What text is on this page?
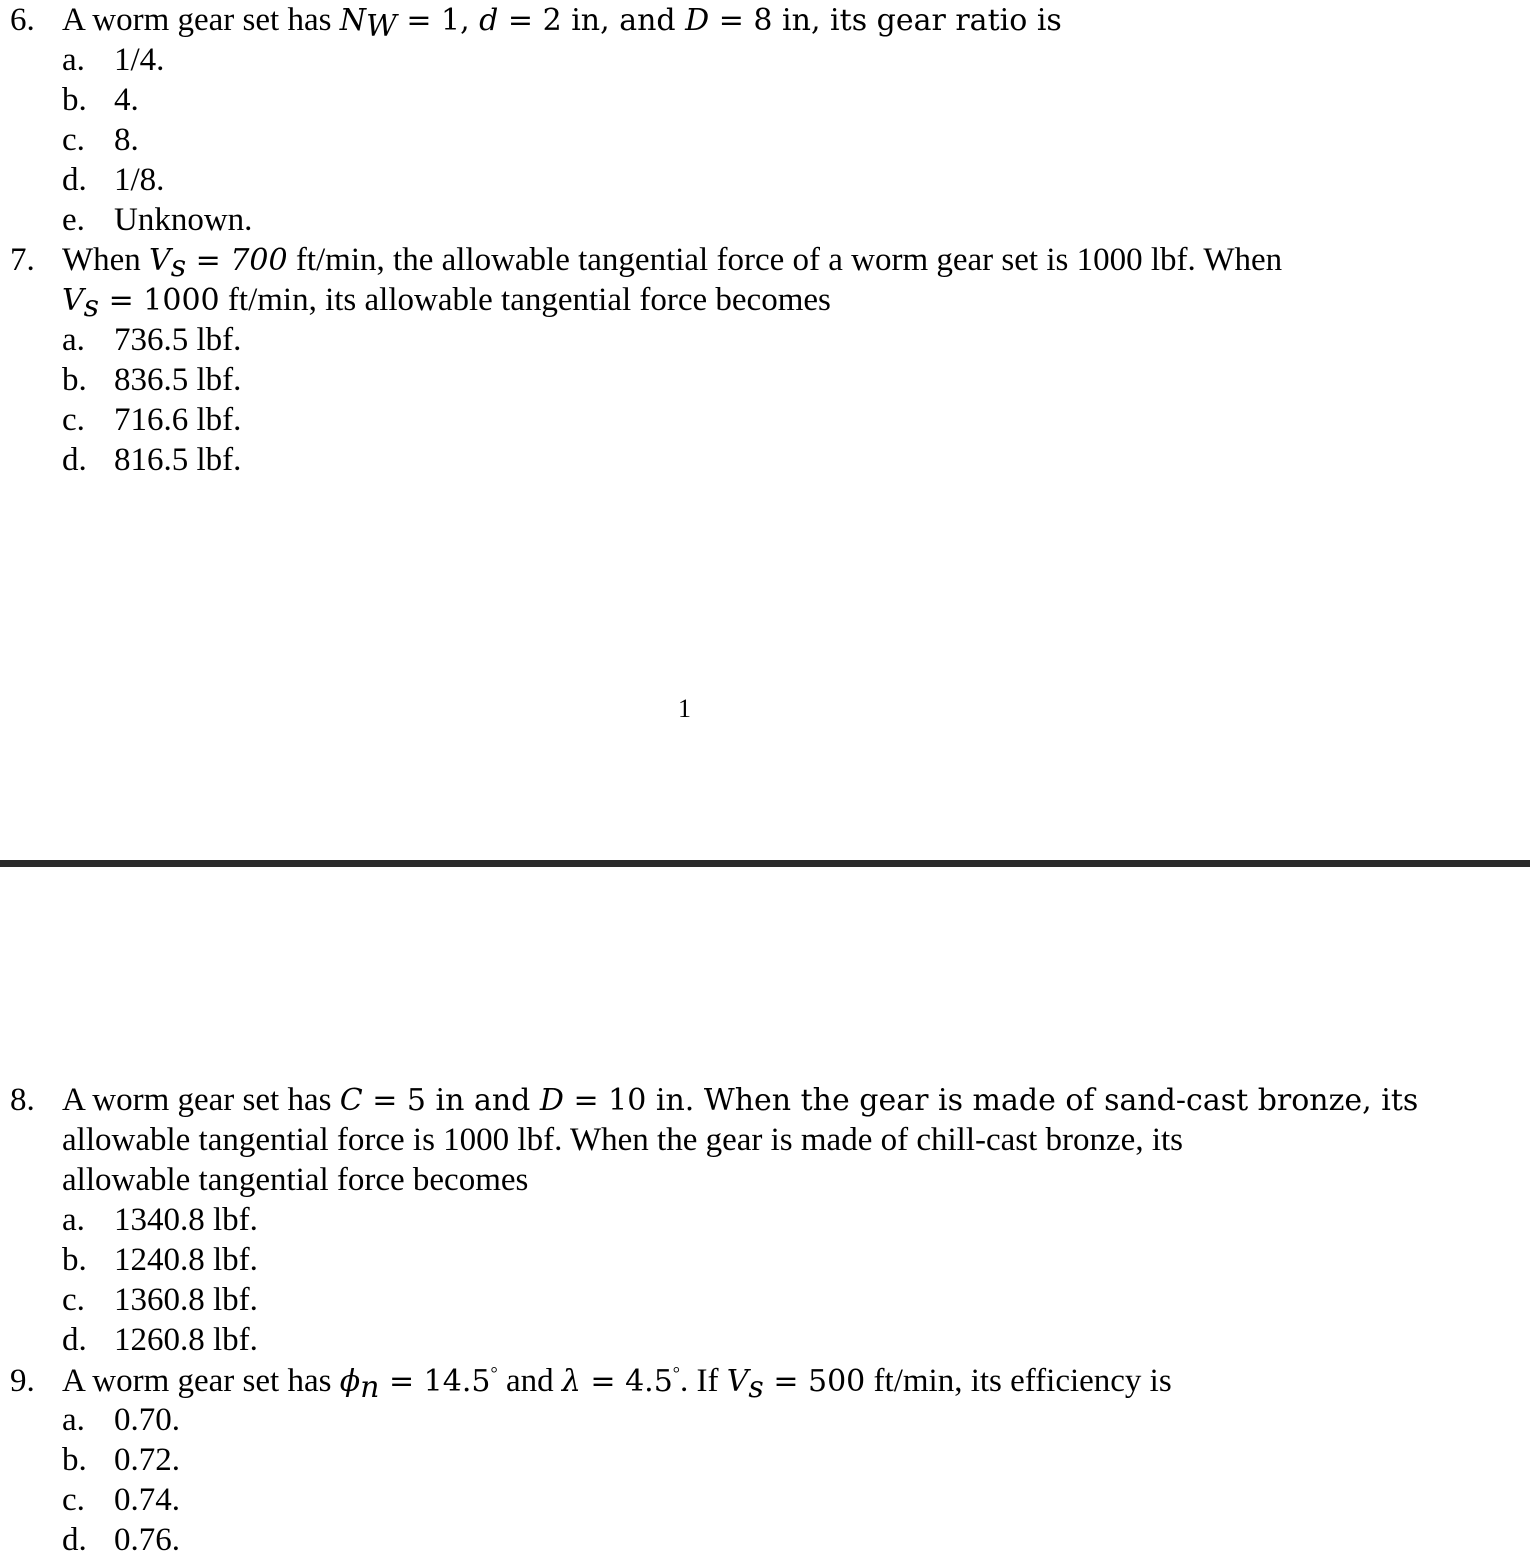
6. A worm gear set has $N_W = 1$, d = 2 in, and D = 8 in, its gear ratio is
a. 1/4.
b. 4.
c. 8.
d. 1/8.
e. Unknown.
7. When $V_s = 700$ ft/min, the allowable tangential force of a worm gear set is 1000 lbf. When
$V_s = 1000$ ft/min, its allowable tangential force becomes
a. 736.5 lbf.
b. 836.5 lbf.
c. 716.6 lbf.
d. 816.5 lbf.
1
8. A worm gear set has C = 5 in and D = 10 in. When the gear is made of sand-cast bronze, its
allowable tangential force is 1000 lbf. When the gear is made of chill-cast bronze, its
allowable tangential force becomes
a. 1340.8 lbf.
b. 1240.8 lbf.
c. 1360.8 lbf.
d. 1260.8 lbf.
9. A worm gear set has $\phi_n = 14.5^\circ$ and λ = 4.5°. If $V_s = 500$ ft/min, its efficiency is
a. 0.70.
b. 0.72.
c. 0.74.
d. 0.76.
